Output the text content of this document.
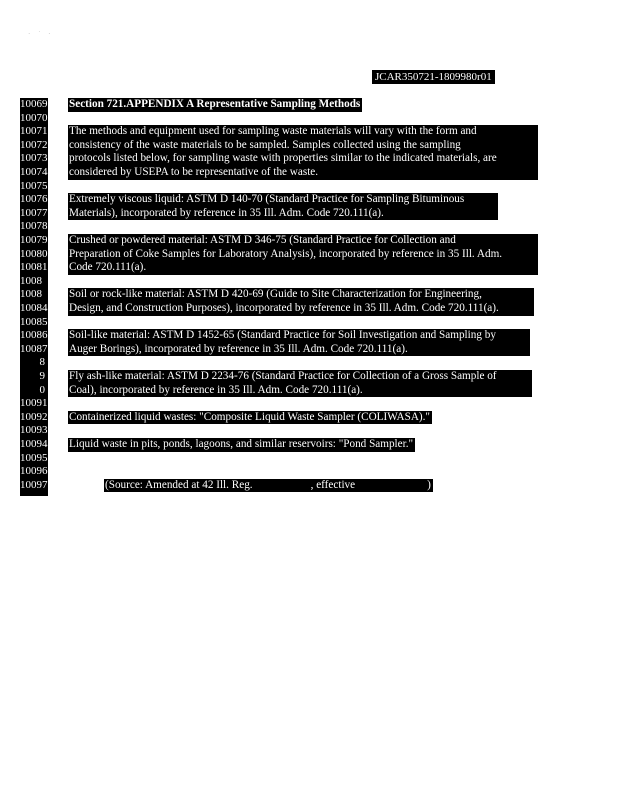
· ˙ ·
JCAR350721-1809980r01
10069
10070
10071
10072
10073
10074
10075
10076
10077
10078
10079
10080
10081
1008
1008
10084
10085
10086
10087
8
9
0
10091
10092
10093
10094
10095
10096
10097
Section 721.APPENDIX A Representative Sampling Methods
The methods and equipment used for sampling waste materials will vary with the form and
consistency of the waste materials to be sampled. Samples collected using the sampling
protocols listed below, for sampling waste with properties similar to the indicated materials, are
considered by USEPA to be representative of the waste.
Extremely viscous liquid: ASTM D 140-70 (Standard Practice for Sampling Bituminous
Materials), incorporated by reference in 35 Ill. Adm. Code 720.111(a).
Crushed or powdered material: ASTM D 346-75 (Standard Practice for Collection and
Preparation of Coke Samples for Laboratory Analysis), incorporated by reference in 35 Ill. Adm.
Code 720.111(a).
Soil or rock-like material: ASTM D 420-69 (Guide to Site Characterization for Engineering,
Design, and Construction Purposes), incorporated by reference in 35 Ill. Adm. Code 720.111(a).
Soil-like material: ASTM D 1452-65 (Standard Practice for Soil Investigation and Sampling by
Auger Borings), incorporated by reference in 35 Ill. Adm. Code 720.111(a).
Fly ash-like material: ASTM D 2234-76 (Standard Practice for Collection of a Gross Sample of
Coal), incorporated by reference in 35 Ill. Adm. Code 720.111(a).
Containerized liquid wastes: "Composite Liquid Waste Sampler (COLIWASA)."
Liquid waste in pits, ponds, lagoons, and similar reservoirs: "Pond Sampler."
(Source: Amended at 42 Ill. Reg.	, effective	)
